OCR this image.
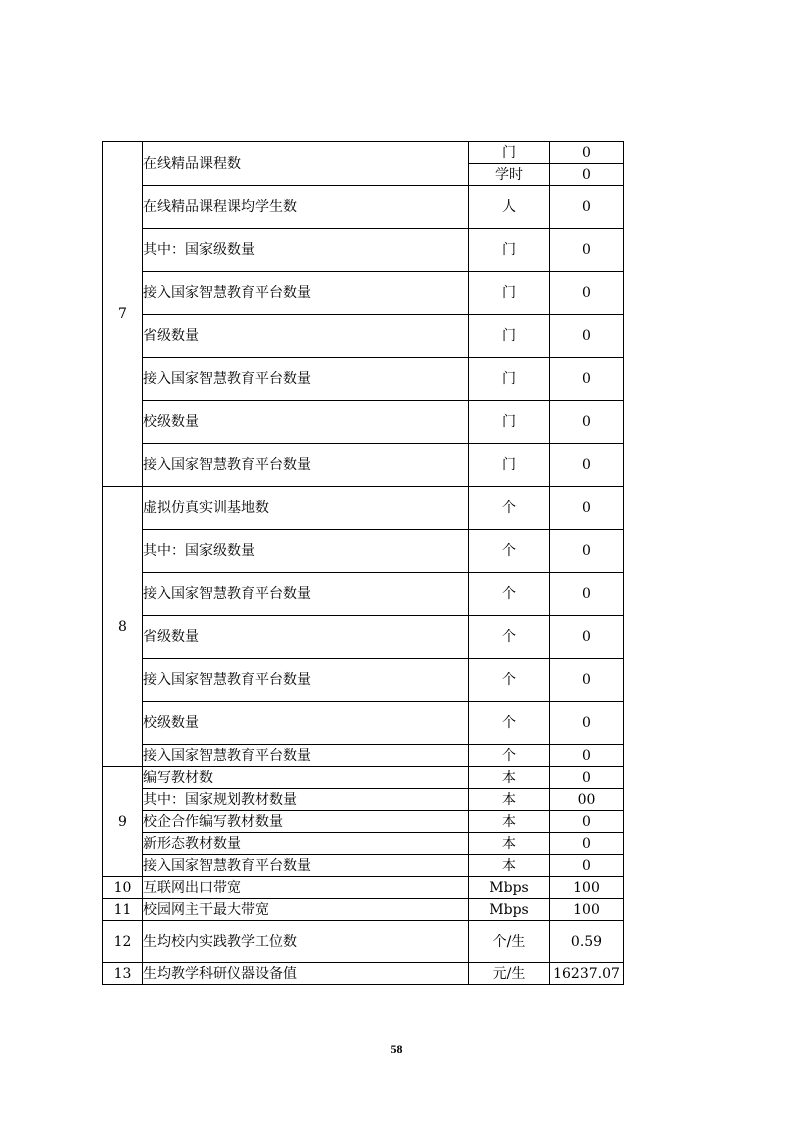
7	在线精品课程数	门	0
		学时	0
	在线精品课程课均学生数	人	0
	其中：国家级数量	门	0
	接入国家智慧教育平台数量	门	0
	省级数量	门	0
	接入国家智慧教育平台数量	门	0
	校级数量	门	0
	接入国家智慧教育平台数量	门	0
8	虚拟仿真实训基地数	个	0
	其中：国家级数量	个	0
	接入国家智慧教育平台数量	个	0
	省级数量	个	0
	接入国家智慧教育平台数量	个	0
	校级数量	个	0
	接入国家智慧教育平台数量	个	0
9	编写教材数	本	0
	其中：国家规划教材数量	本	00
	校企合作编写教材数量	本	0
	新形态教材数量	本	0
	接入国家智慧教育平台数量	本	0
10	互联网出口带宽	Mbps	100
11	校园网主干最大带宽	Mbps	100
12	生均校内实践教学工位数	个/生	0.59
13	生均教学科研仪器设备值	元/生	16237.07
58
